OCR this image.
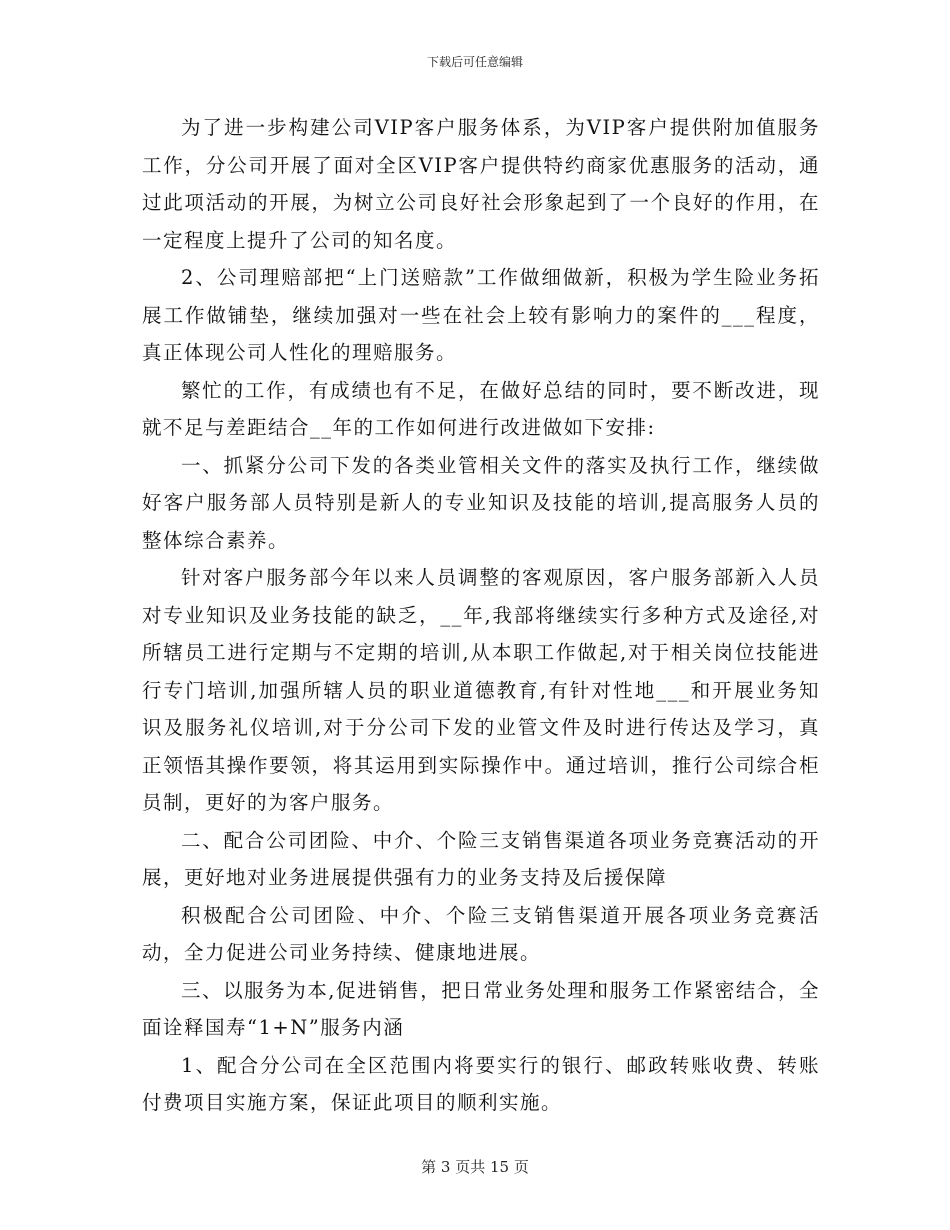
下载后可任意编辑

为了进一步构建公司VIP客户服务体系，为VIP客户提供附加值服务工作，分公司开展了面对全区VIP客户提供特约商家优惠服务的活动，通过此项活动的开展，为树立公司良好社会形象起到了一个良好的作用，在一定程度上提升了公司的知名度。

2、公司理赔部把“上门送赔款”工作做细做新，积极为学生险业务拓展工作做铺垫，继续加强对一些在社会上较有影响力的案件的___程度，真正体现公司人性化的理赔服务。

繁忙的工作，有成绩也有不足，在做好总结的同时，要不断改进，现就不足与差距结合__年的工作如何进行改进做如下安排:

一、抓紧分公司下发的各类业管相关文件的落实及执行工作，继续做好客户服务部人员特别是新人的专业知识及技能的培训,提高服务人员的整体综合素养。

针对客户服务部今年以来人员调整的客观原因，客户服务部新入人员对专业知识及业务技能的缺乏，__年,我部将继续实行多种方式及途径,对所辖员工进行定期与不定期的培训,从本职工作做起,对于相关岗位技能进行专门培训,加强所辖人员的职业道德教育,有针对性地___和开展业务知识及服务礼仪培训,对于分公司下发的业管文件及时进行传达及学习，真正领悟其操作要领，将其运用到实际操作中。通过培训，推行公司综合柜员制，更好的为客户服务。

二、配合公司团险、中介、个险三支销售渠道各项业务竞赛活动的开展，更好地对业务进展提供强有力的业务支持及后援保障

积极配合公司团险、中介、个险三支销售渠道开展各项业务竞赛活动，全力促进公司业务持续、健康地进展。

三、以服务为本,促进销售，把日常业务处理和服务工作紧密结合，全面诠释国寿“1+N”服务内涵

1、配合分公司在全区范围内将要实行的银行、邮政转账收费、转账付费项目实施方案，保证此项目的顺利实施。

第 3 页共 15 页
